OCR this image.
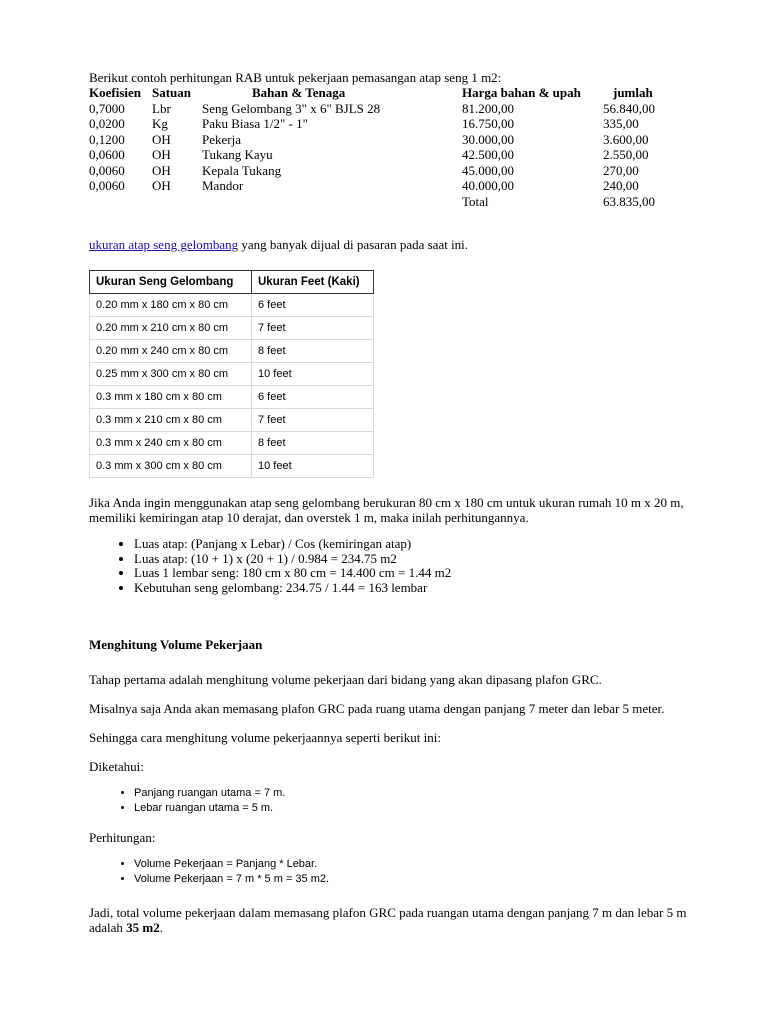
Berikut contoh perhitungan RAB untuk pekerjaan pemasangan atap seng 1 m2:

Koefisien	Satuan	Bahan & Tenaga	Harga bahan & upah	jumlah
0,7000	Lbr	Seng Gelombang 3" x 6" BJLS 28	81.200,00	56.840,00
0,0200	Kg	Paku Biasa 1/2" - 1"	16.750,00	335,00
0,1200	OH	Pekerja	30.000,00	3.600,00
0,0600	OH	Tukang Kayu	42.500,00	2.550,00
0,0060	OH	Kepala Tukang	45.000,00	270,00
0,0060	OH	Mandor	40.000,00	240,00
			Total	63.835,00

ukuran atap seng gelombang yang banyak dijual di pasaran pada saat ini.

Ukuran Seng Gelombang	Ukuran Feet (Kaki)
0.20 mm x 180 cm x 80 cm	6 feet
0.20 mm x 210 cm x 80 cm	7 feet
0.20 mm x 240 cm x 80 cm	8 feet
0.25 mm x 300 cm x 80 cm	10 feet
0.3 mm x 180 cm x 80 cm	6 feet
0.3 mm x 210 cm x 80 cm	7 feet
0.3 mm x 240 cm x 80 cm	8 feet
0.3 mm x 300 cm x 80 cm	10 feet

Jika Anda ingin menggunakan atap seng gelombang berukuran 80 cm x 180 cm untuk ukuran rumah 10 m x 20 m, memiliki kemiringan atap 10 derajat, dan overstek 1 m, maka inilah perhitungannya.

• Luas atap: (Panjang x Lebar) / Cos (kemiringan atap)
• Luas atap: (10 + 1) x (20 + 1) / 0.984 = 234.75 m2
• Luas 1 lembar seng: 180 cm x 80 cm = 14.400 cm = 1.44 m2
• Kebutuhan seng gelombang: 234.75 / 1.44 = 163 lembar
Menghitung Volume Pekerjaan

Tahap pertama adalah menghitung volume pekerjaan dari bidang yang akan dipasang plafon GRC.

Misalnya saja Anda akan memasang plafon GRC pada ruang utama dengan panjang 7 meter dan lebar 5 meter.

Sehingga cara menghitung volume pekerjaannya seperti berikut ini:

Diketahui:

• Panjang ruangan utama = 7 m.
• Lebar ruangan utama = 5 m.

Perhitungan:

• Volume Pekerjaan = Panjang * Lebar.
• Volume Pekerjaan = 7 m * 5 m = 35 m2.

Jadi, total volume pekerjaan dalam memasang plafon GRC pada ruangan utama dengan panjang 7 m dan lebar 5 m adalah 35 m2.
